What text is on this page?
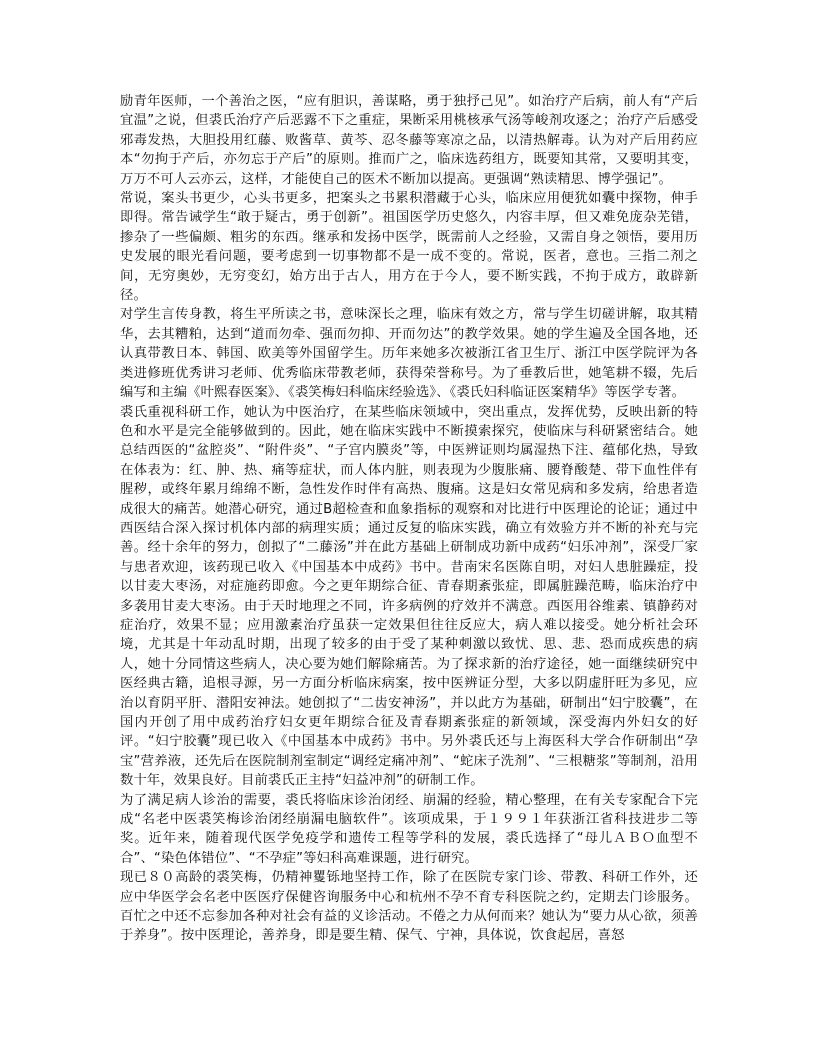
励青年医师，一个善治之医，“应有胆识，善谋略，勇于独抒己见”。如治疗产后病，前人有“产后宜温”之说，但裘氏治疗产后恶露不下之重症，果断采用桃核承气汤等峻剂攻逐之；治疗产后感受邪毒发热，大胆投用红藤、败酱草、黄芩、忍冬藤等寒凉之品，以清热解毒。认为对产后用药应本“勿拘于产后，亦勿忘于产后”的原则。推而广之，临床选药组方，既要知其常，又要明其变，万万不可人云亦云，这样，才能使自己的医术不断加以提高。更强调“熟读精思、博学强记”。

常说，案头书更少，心头书更多，把案头之书累积潜藏于心头，临床应用便犹如囊中探物，伸手即得。常告诫学生“敢于疑古，勇于创新”。祖国医学历史悠久，内容丰厚，但又难免庞杂芜错，掺杂了一些偏颇、粗劣的东西。继承和发扬中医学，既需前人之经验，又需自身之领悟，要用历史发展的眼光看问题，要考虑到一切事物都不是一成不变的。常说，医者，意也。三指二剂之间，无穷奥妙，无穷变幻，始方出于古人，用方在于今人，要不断实践，不拘于成方，敢辟新径。

对学生言传身教，将生平所读之书，意味深长之理，临床有效之方，常与学生切磋讲解，取其精华，去其糟粕，达到“道而勿牵、强而勿抑、开而勿达”的教学效果。她的学生遍及全国各地，还认真带教日本、韩国、欧美等外国留学生。历年来她多次被浙江省卫生厅、浙江中医学院评为各类进修班优秀讲习老师、优秀临床带教老师，获得荣誉称号。为了垂教后世，她笔耕不辍，先后编写和主编《叶熙春医案》、《裘笑梅妇科临床经验选》、《裘氏妇科临证医案精华》等医学专著。

裘氏重视科研工作，她认为中医治疗，在某些临床领域中，突出重点，发挥优势，反映出新的特色和水平是完全能够做到的。因此，她在临床实践中不断摸索探究，使临床与科研紧密结合。她总结西医的“盆腔炎”、“附件炎”、“子宫内膜炎”等，中医辨证则均属湿热下注、蕴郁化热，导致在体表为：红、肿、热、痛等症状，而人体内脏，则表现为少腹胀痛、腰脊酸楚、带下血性伴有腥秽，或终年累月绵绵不断，急性发作时伴有高热、腹痛。这是妇女常见病和多发病，给患者造成很大的痛苦。她潜心研究，通过B超检查和血象指标的观察和对比进行中医理论的论证；通过中西医结合深入探讨机体内部的病理实质；通过反复的临床实践，确立有效验方并不断的补充与完善。经十余年的努力，创拟了“二藤汤”并在此方基础上研制成功新中成药“妇乐冲剂”，深受厂家与患者欢迎，该药现已收入《中国基本中成药》书中。昔南宋名医陈自明，对妇人患脏躁症，投以甘麦大枣汤，对症施药即愈。今之更年期综合征、青春期紊张症，即属脏躁范畴，临床治疗中多袭用甘麦大枣汤。由于天时地理之不同，许多病例的疗效并不满意。西医用谷维素、镇静药对症治疗，效果不显；应用激素治疗虽获一定效果但往往反应大，病人难以接受。她分析社会环境，尤其是十年动乱时期，出现了较多的由于受了某种刺激以致忧、思、悲、恐而成疾患的病人，她十分同情这些病人，决心要为她们解除痛苦。为了探求新的治疗途径，她一面继续研究中医经典古籍，追根寻源，另一方面分析临床病案，按中医辨证分型，大多以阴虚肝旺为多见，应治以育阴平肝、潜阳安神法。她创拟了“二齿安神汤”，并以此方为基础，研制出“妇宁胶囊”，在国内开创了用中成药治疗妇女更年期综合征及青春期紊张症的新领域，深受海内外妇女的好评。“妇宁胶囊”现已收入《中国基本中成药》书中。另外裘氏还与上海医科大学合作研制出“孕宝”营养液，还先后在医院制剂室制定“调经定痛冲剂”、“蛇床子洗剂”、“三根糖浆”等制剂，沿用数十年，效果良好。目前裘氏正主持“妇益冲剂”的研制工作。

为了满足病人诊治的需要，裘氏将临床诊治闭经、崩漏的经验，精心整理，在有关专家配合下完成“名老中医裘笑梅诊治闭经崩漏电脑软件”。该项成果，于１９９１年获浙江省科技进步二等奖。近年来，随着现代医学免疫学和遗传工程等学科的发展，裘氏选择了“母儿ＡＢＯ血型不合”、“染色体错位”、“不孕症”等妇科高难课题，进行研究。

现已８０高龄的裘笑梅，仍精神矍铄地坚持工作，除了在医院专家门诊、带教、科研工作外，还应中华医学会名老中医医疗保健咨询服务中心和杭州不孕不育专科医院之约，定期去门诊服务。百忙之中还不忘参加各种对社会有益的义诊活动。不倦之力从何而来？她认为“要力从心欲，须善于养身”。按中医理论，善养身，即是要生精、保气、宁神，具体说，饮食起居，喜怒
